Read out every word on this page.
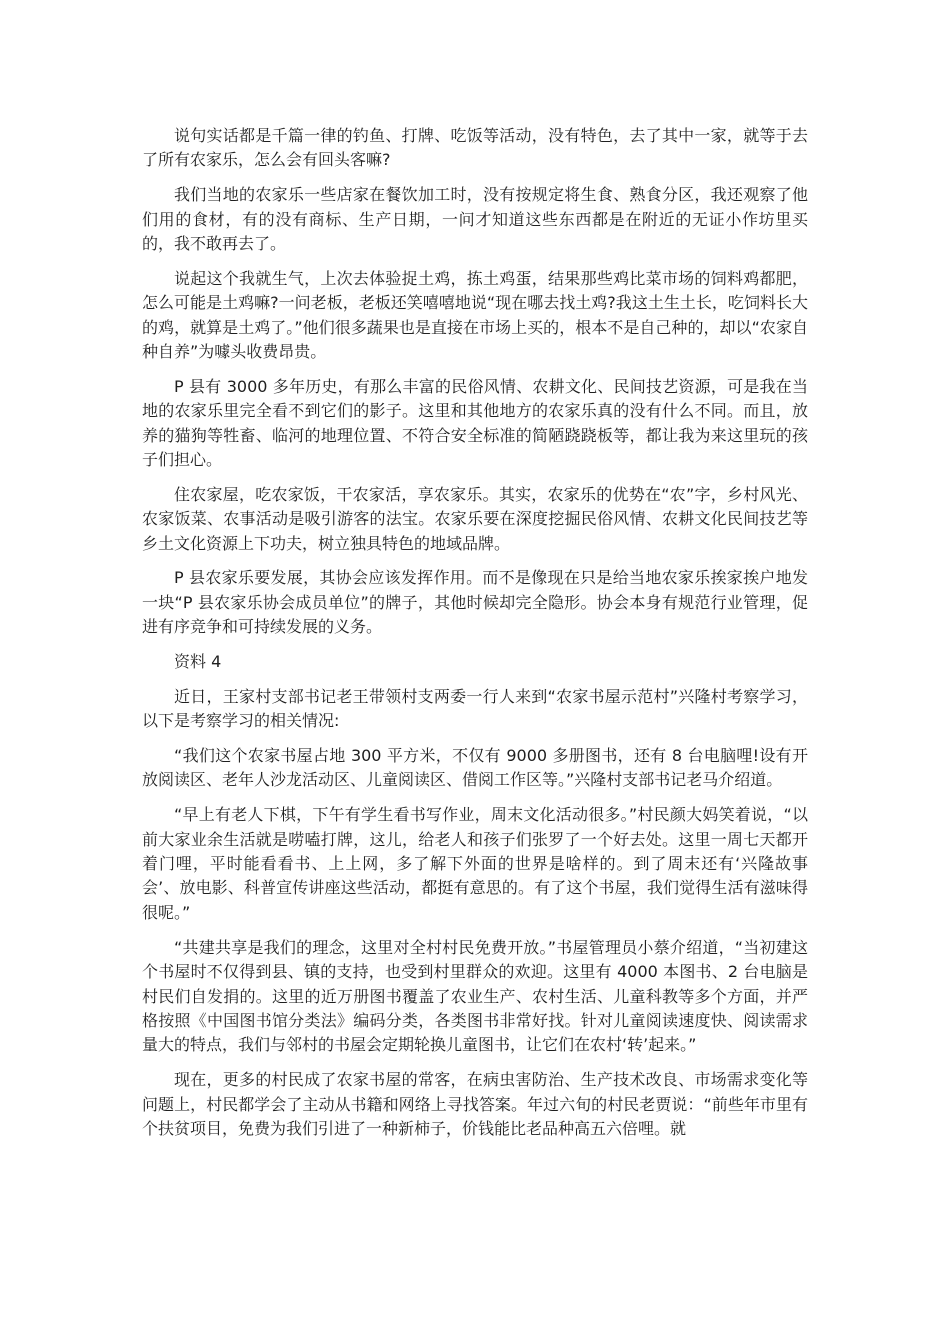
说句实话都是千篇一律的钓鱼、打牌、吃饭等活动，没有特色，去了其中一家，就等于去了所有农家乐，怎么会有回头客嘛?

我们当地的农家乐一些店家在餐饮加工时，没有按规定将生食、熟食分区，我还观察了他们用的食材，有的没有商标、生产日期，一问才知道这些东西都是在附近的无证小作坊里买的，我不敢再去了。

说起这个我就生气，上次去体验捉土鸡，拣土鸡蛋，结果那些鸡比菜市场的饲料鸡都肥，怎么可能是土鸡嘛?一问老板，老板还笑嘻嘻地说“现在哪去找土鸡?我这土生土长，吃饲料长大的鸡，就算是土鸡了。”他们很多蔬果也是直接在市场上买的，根本不是自己种的，却以“农家自种自养”为噱头收费昂贵。

P 县有 3000 多年历史，有那么丰富的民俗风情、农耕文化、民间技艺资源，可是我在当地的农家乐里完全看不到它们的影子。这里和其他地方的农家乐真的没有什么不同。而且，放养的猫狗等牲畜、临河的地理位置、不符合安全标准的简陋跷跷板等，都让我为来这里玩的孩子们担心。

住农家屋，吃农家饭，干农家活，享农家乐。其实，农家乐的优势在“农”字，乡村风光、农家饭菜、农事活动是吸引游客的法宝。农家乐要在深度挖掘民俗风情、农耕文化民间技艺等乡土文化资源上下功夫，树立独具特色的地域品牌。

P 县农家乐要发展，其协会应该发挥作用。而不是像现在只是给当地农家乐挨家挨户地发一块“P 县农家乐协会成员单位”的牌子，其他时候却完全隐形。协会本身有规范行业管理，促进有序竞争和可持续发展的义务。

资料 4

近日，王家村支部书记老王带领村支两委一行人来到“农家书屋示范村”兴隆村考察学习，以下是考察学习的相关情况:

“我们这个农家书屋占地 300 平方米，不仅有 9000 多册图书，还有 8 台电脑哩!设有开放阅读区、老年人沙龙活动区、儿童阅读区、借阅工作区等。”兴隆村支部书记老马介绍道。

“早上有老人下棋，下午有学生看书写作业，周末文化活动很多。”村民颜大妈笑着说，“以前大家业余生活就是唠嗑打牌，这儿，给老人和孩子们张罗了一个好去处。这里一周七天都开着门哩，平时能看看书、上上网，多了解下外面的世界是啥样的。到了周末还有‘兴隆故事会’、放电影、科普宣传讲座这些活动，都挺有意思的。有了这个书屋，我们觉得生活有滋味得很呢。”

“共建共享是我们的理念，这里对全村村民免费开放。”书屋管理员小蔡介绍道，“当初建这个书屋时不仅得到县、镇的支持，也受到村里群众的欢迎。这里有 4000 本图书、2 台电脑是村民们自发捐的。这里的近万册图书覆盖了农业生产、农村生活、儿童科教等多个方面，并严格按照《中国图书馆分类法》编码分类，各类图书非常好找。针对儿童阅读速度快、阅读需求量大的特点，我们与邻村的书屋会定期轮换儿童图书，让它们在农村‘转’起来。”

现在，更多的村民成了农家书屋的常客，在病虫害防治、生产技术改良、市场需求变化等问题上，村民都学会了主动从书籍和网络上寻找答案。年过六旬的村民老贾说：“前些年市里有个扶贫项目，免费为我们引进了一种新柿子，价钱能比老品种高五六倍哩。就
